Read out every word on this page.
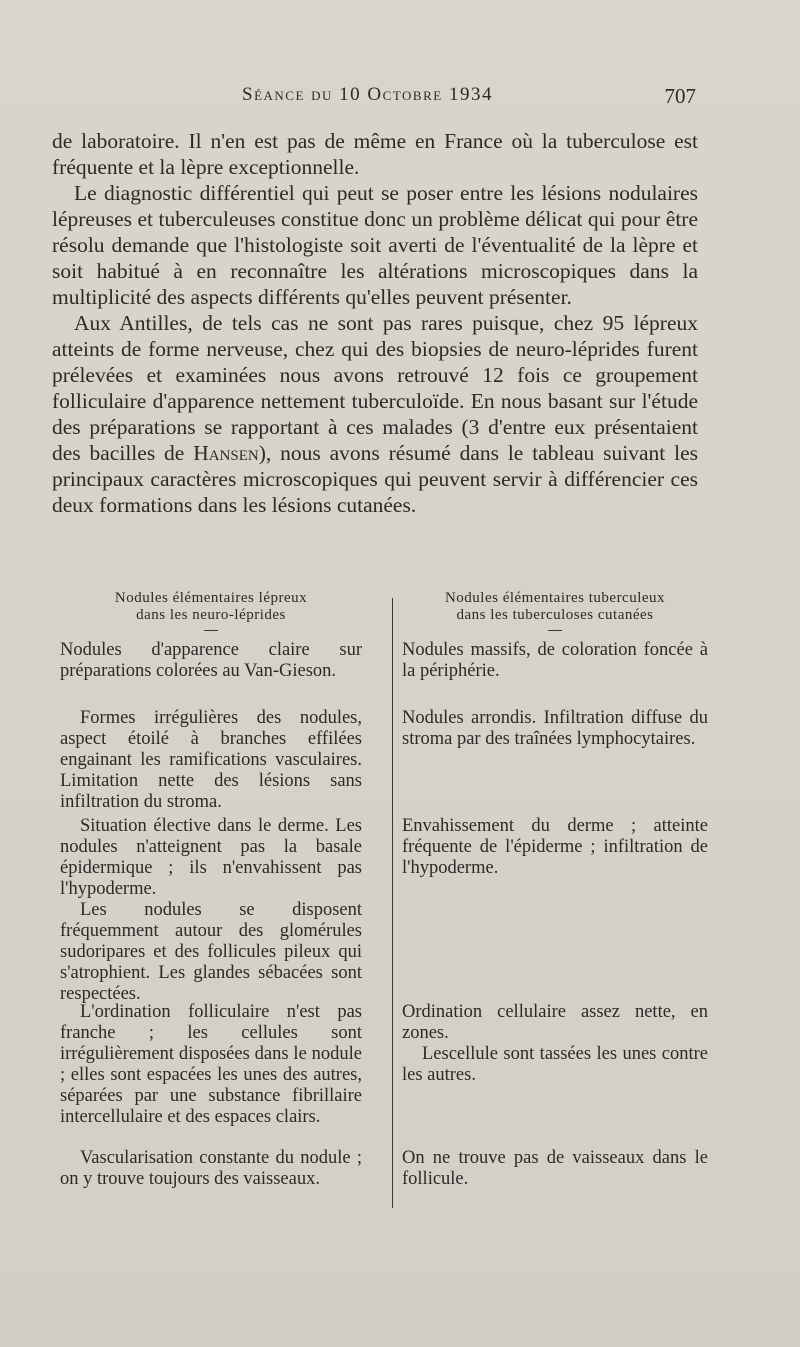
Séance du 10 Octobre 1934	707

de laboratoire. Il n'en est pas de même en France où la tuberculose est fréquente et la lèpre exceptionnelle.

Le diagnostic différentiel qui peut se poser entre les lésions nodulaires lépreuses et tuberculeuses constitue donc un problème délicat qui pour être résolu demande que l'histologiste soit averti de l'éventualité de la lèpre et soit habitué à en reconnaître les altérations microscopiques dans la multiplicité des aspects différents qu'elles peuvent présenter.

Aux Antilles, de tels cas ne sont pas rares puisque, chez 95 lépreux atteints de forme nerveuse, chez qui des biopsies de neuro-léprides furent prélevées et examinées nous avons retrouvé 12 fois ce groupement folliculaire d'apparence nettement tuberculoïde. En nous basant sur l'étude des préparations se rapportant à ces malades (3 d'entre eux présentaient des bacilles de Hansen), nous avons résumé dans le tableau suivant les principaux caractères microscopiques qui peuvent servir à différencier ces deux formations dans les lésions cutanées.

Nodules élémentaires lépreux
dans les neuro-léprides

Nodules d'apparence claire sur préparations colorées au Van-Gieson.

Formes irrégulières des nodules, aspect étoilé à branches effilées engainant les ramifications vasculaires. Limitation nette des lésions sans infiltration du stroma.

Situation élective dans le derme. Les nodules n'atteignent pas la basale épidermique ; ils n'envahissent pas l'hypoderme.

Les nodules se disposent fréquemment autour des glomérules sudoripares et des follicules pileux qui s'atrophient. Les glandes sébacées sont respectées.

L'ordination folliculaire n'est pas franche ; les cellules sont irrégulièrement disposées dans le nodule ; elles sont espacées les unes des autres, séparées par une substance fibrillaire intercellulaire et des espaces clairs.

Vascularisation constante du nodule ; on y trouve toujours des vaisseaux.

Nodules élémentaires tuberculeux
dans les tuberculoses cutanées

Nodules massifs, de coloration foncée à la périphérie.

Nodules arrondis. Infiltration diffuse du stroma par des traînées lymphocytaires.

Envahissement du derme ; atteinte fréquente de l'épiderme ; infiltration de l'hypoderme.

Ordination cellulaire assez nette, en zones.

Lescellule sont tassées les unes contre les autres.

On ne trouve pas de vaisseaux dans le follicule.
